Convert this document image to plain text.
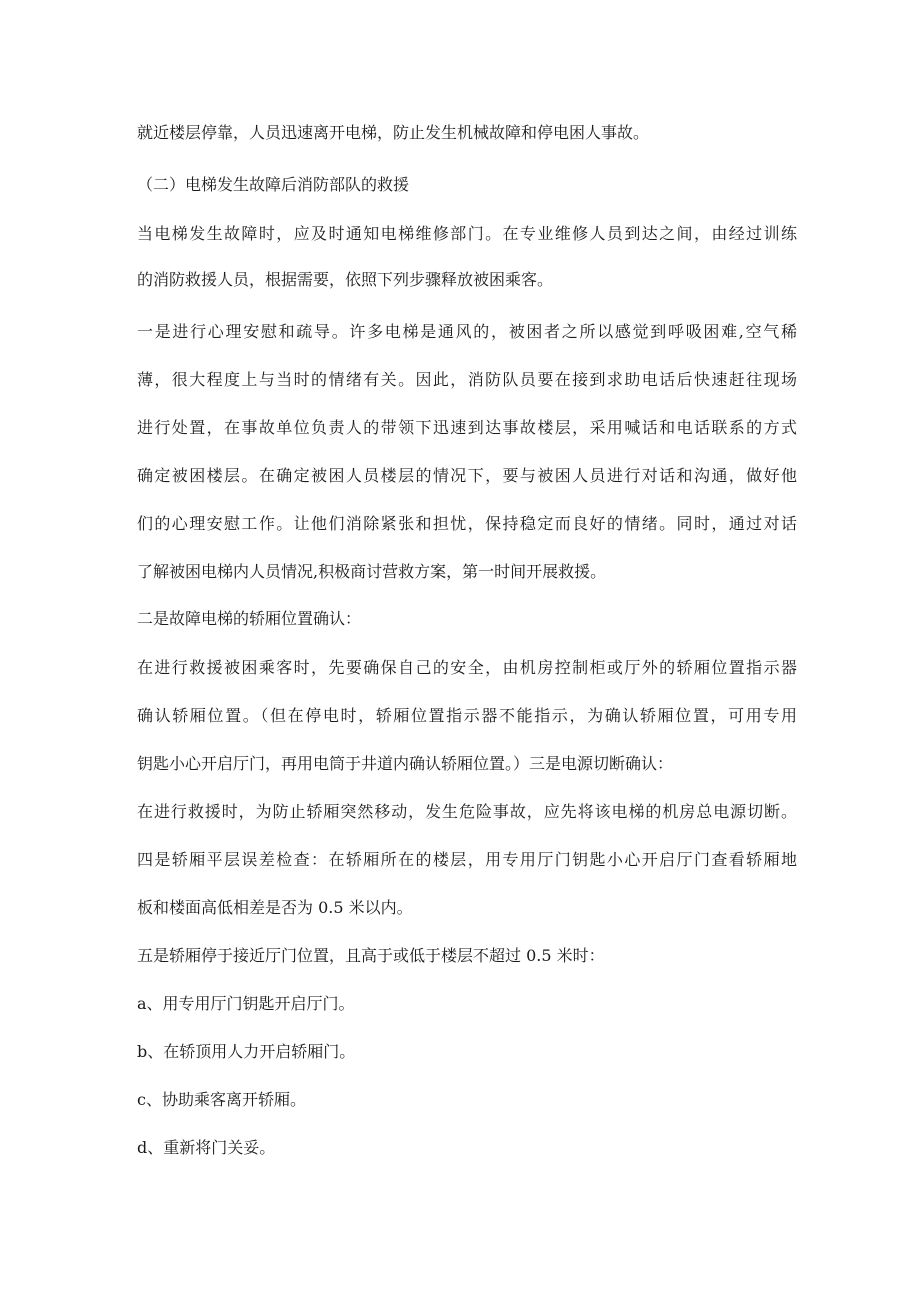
就近楼层停靠，人员迅速离开电梯，防止发生机械故障和停电困人事故。
（二）电梯发生故障后消防部队的救援
当电梯发生故障时，应及时通知电梯维修部门。在专业维修人员到达之间，由经过训练
的消防救援人员，根据需要，依照下列步骤释放被困乘客。
一是进行心理安慰和疏导。许多电梯是通风的，被困者之所以感觉到呼吸困难,空气稀
薄，很大程度上与当时的情绪有关。因此，消防队员要在接到求助电话后快速赶往现场
进行处置，在事故单位负责人的带领下迅速到达事故楼层，采用喊话和电话联系的方式
确定被困楼层。在确定被困人员楼层的情况下，要与被困人员进行对话和沟通，做好他
们的心理安慰工作。让他们消除紧张和担忧，保持稳定而良好的情绪。同时，通过对话
了解被困电梯内人员情况,积极商讨营救方案，第一时间开展救援。
二是故障电梯的轿厢位置确认：
在进行救援被困乘客时，先要确保自己的安全，由机房控制柜或厅外的轿厢位置指示器
确认轿厢位置。（但在停电时，轿厢位置指示器不能指示，为确认轿厢位置，可用专用
钥匙小心开启厅门，再用电筒于井道内确认轿厢位置。）三是电源切断确认：
在进行救援时，为防止轿厢突然移动，发生危险事故，应先将该电梯的机房总电源切断。
四是轿厢平层误差检查：在轿厢所在的楼层，用专用厅门钥匙小心开启厅门查看轿厢地
板和楼面高低相差是否为 0.5 米以内。
五是轿厢停于接近厅门位置，且高于或低于楼层不超过 0.5 米时：
a、用专用厅门钥匙开启厅门。
b、在轿顶用人力开启轿厢门。
c、协助乘客离开轿厢。
d、重新将门关妥。
